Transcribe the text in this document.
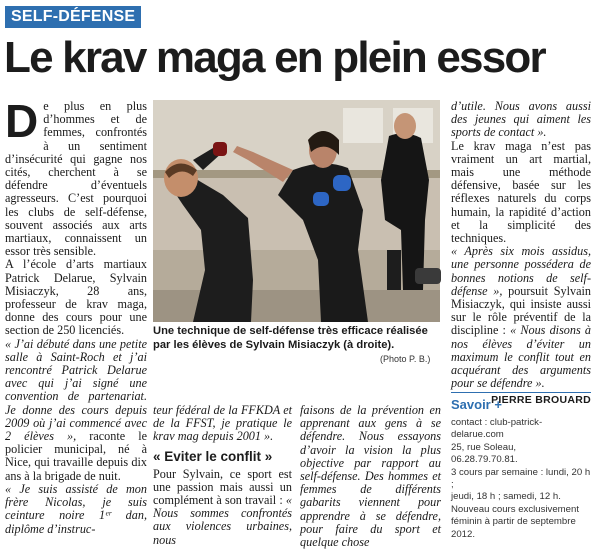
SELF-DÉFENSE
Le krav maga en plein essor

De plus en plus d’hommes et de femmes, confrontés à un sentiment d’insécurité qui gagne nos cités, cherchent à se défendre d’éventuels agresseurs. C’est pourquoi les clubs de self-défense, souvent associés aux arts martiaux, connaissent un essor très sensible.

A l’école d’arts martiaux Patrick Delarue, Sylvain Misiaczyk, 28 ans, professeur de krav maga, donne des cours pour une section de 250 licenciés.

« J’ai débuté dans une petite salle à Saint-Roch et j’ai rencontré Patrick Delarue avec qui j’ai signé une convention de partenariat. Je donne des cours depuis 2009 où j’ai commencé avec 2 élèves », raconte le policier municipal, né à Nice, qui travaille depuis dix ans à la brigade de nuit.

« Je suis assisté de mon frère Nicolas, je suis ceinture noire 1ᵉʳ dan, diplôme d’instruc-

Une technique de self-défense très efficace réalisée par les élèves de Sylvain Misiaczyk (à droite).
(Photo P. B.)

teur fédéral de la FFKDA et de la FFST, je pratique le krav mag depuis 2001 ».

« Eviter le conflit »

Pour Sylvain, ce sport est une passion mais aussi un complément à son travail : « Nous sommes confrontés aux violences urbaines, nous

faisons de la prévention en apprenant aux gens à se défendre. Nous essayons d’avoir la vision la plus objective par rapport au self-défense. Des hommes et femmes de différents gabarits viennent pour apprendre à se défendre, pour faire du sport et quelque chose

d’utile. Nous avons aussi des jeunes qui aiment les sports de contact ».

Le krav maga n’est pas vraiment un art martial, mais une méthode défensive, basée sur les réflexes naturels du corps humain, la rapidité d’action et la simplicité des techniques.

« Après six mois assidus, une personne possédera de bonnes notions de self-défense », poursuit Sylvain Misiaczyk, qui insiste aussi sur le rôle préventif de la discipline : « Nous disons à nos élèves d’éviter un maximum le conflit tout en acquérant des arguments pour se défendre ».

PIERRE BROUARD
Savoir +
contact : club-patrick-delarue.com
25, rue Soleau,
06.28.79.70.81.
3 cours par semaine : lundi, 20 h ;
jeudi, 18 h ; samedi, 12 h.
Nouveau cours exclusivement féminin à partir de septembre 2012.
